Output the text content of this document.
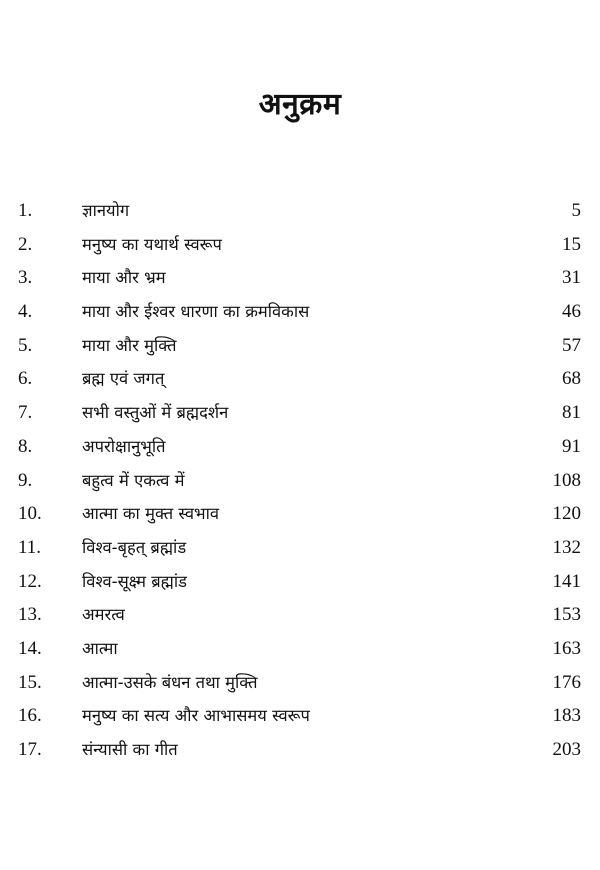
अनुक्रम
1.	ज्ञानयोग	5
2.	मनुष्य का यथार्थ स्वरूप	15
3.	माया और भ्रम	31
4.	माया और ईश्वर धारणा का क्रमविकास	46
5.	माया और मुक्ति	57
6.	ब्रह्म एवं जगत्	68
7.	सभी वस्तुओं में ब्रह्मदर्शन	81
8.	अपरोक्षानुभूति	91
9.	बहुत्व में एकत्व में	108
10.	आत्मा का मुक्त स्वभाव	120
11.	विश्व-बृहत् ब्रह्मांड	132
12.	विश्व-सूक्ष्म ब्रह्मांड	141
13.	अमरत्व	153
14.	आत्मा	163
15.	आत्मा-उसके बंधन तथा मुक्ति	176
16.	मनुष्य का सत्य और आभासमय स्वरूप	183
17.	संन्यासी का गीत	203
